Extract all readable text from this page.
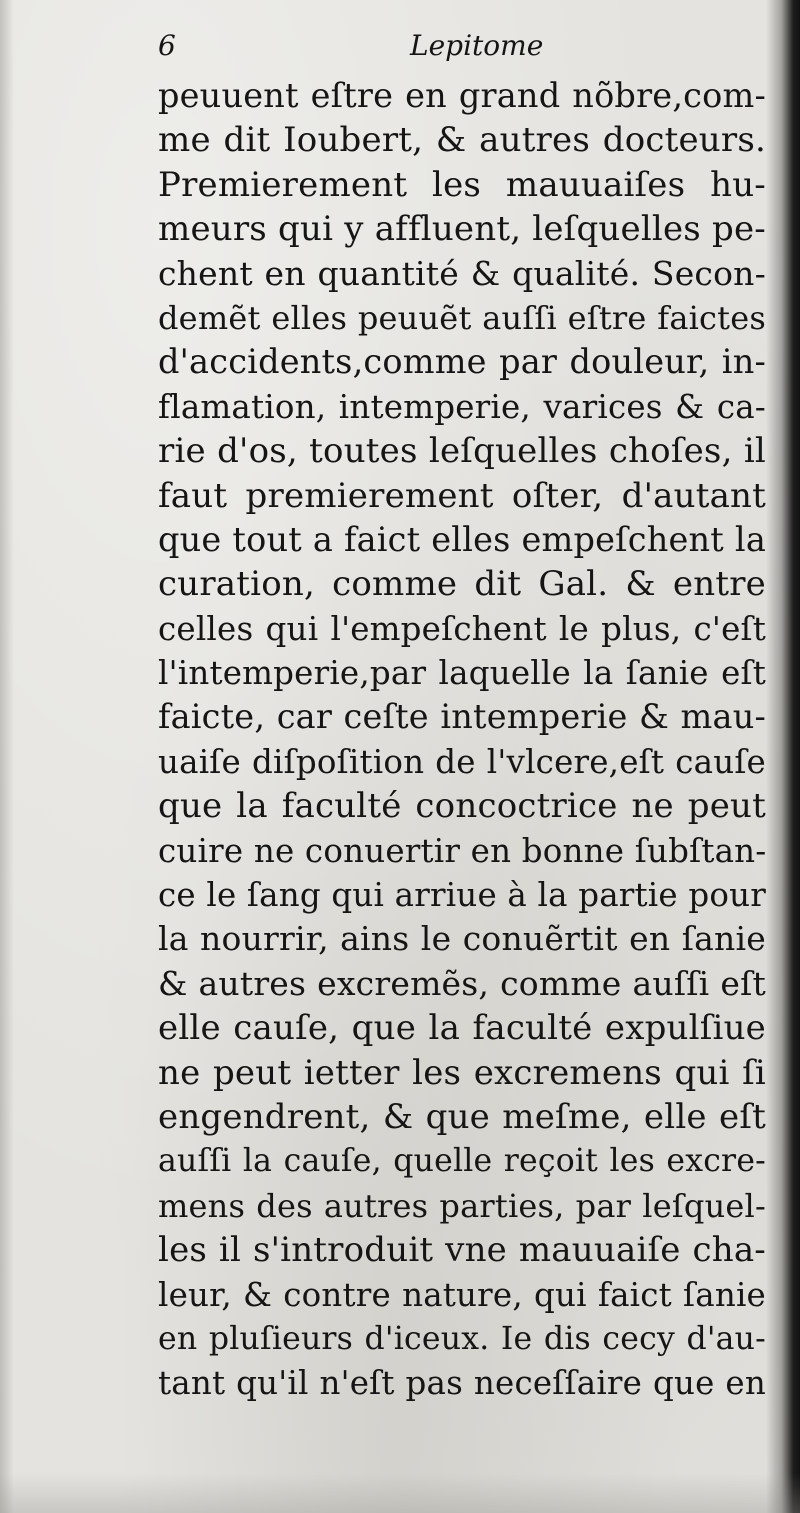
6	Lepitome
peuuent eſtre en grand nõbre,com-
me dit Ioubert, & autres docteurs.
Premierement les mauuaiſes hu-
meurs qui y affluent, leſquelles pe-
chent en quantité & qualité. Secon-
demẽt elles peuuẽt auſſi eſtre faictes
d'accidents,comme par douleur, in-
flamation, intemperie, varices & ca-
rie d'os, toutes leſquelles choſes, il
faut premierement oſter, d'autant
que tout a faict elles empeſchent la
curation, comme dit Gal. & entre
celles qui l'empeſchent le plus, c'eſt
l'intemperie,par laquelle la ſanie eſt
faicte, car ceſte intemperie & mau-
uaiſe diſpoſition de l'vlcere,eſt cauſe
que la faculté concoctrice ne peut
cuire ne conuertir en bonne ſubſtan-
ce le ſang qui arriue à la partie pour
la nourrir, ains le conuẽrtit en ſanie
& autres excremẽs, comme auſſi eſt
elle cauſe, que la faculté expulſiue
ne peut ietter les excremens qui ſi
engendrent, & que meſme, elle eſt
auſſi la cauſe, quelle reçoit les excre-
mens des autres parties, par leſquel-
les il s'introduit vne mauuaiſe cha-
leur, & contre nature, qui faict ſanie
en pluſieurs d'iceux. Ie dis cecy d'au-
tant qu'il n'eſt pas neceſſaire que en
